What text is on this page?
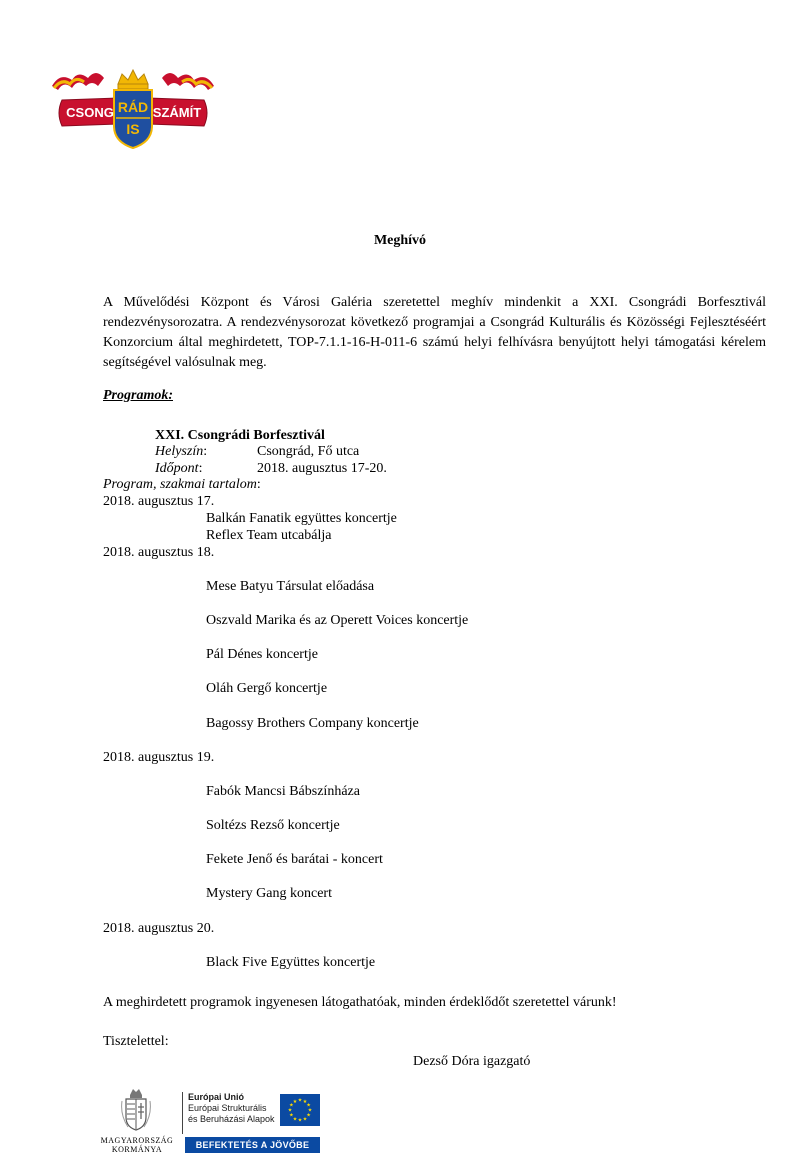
CSONG	SZÁMÍT
RÁD
IS
Meghívó
A Művelődési Központ és Városi Galéria szeretettel meghív mindenkit a XXI. Csongrádi Borfesztivál rendezvénysorozatra. A rendezvénysorozat következő programjai a Csongrád Kulturális és Közösségi Fejlesztéséért Konzorcium által meghirdetett, TOP-7.1.1-16-H-011-6 számú helyi felhívásra benyújtott helyi támogatási kérelem segítségével valósulnak meg.
Programok:
XXI. Csongrádi Borfesztivál
Helyszín:	Csongrád, Fő utca
Időpont:	2018. augusztus 17-20.
Program, szakmai tartalom:
2018. augusztus 17.
Balkán Fanatik együttes koncertje
Reflex Team utcabálja
2018. augusztus 18.
Mese Batyu Társulat előadása
Oszvald Marika és az Operett Voices koncertje
Pál Dénes koncertje
Oláh Gergő koncertje
Bagossy Brothers Company koncertje
2018. augusztus 19.
Fabók Mancsi Bábszínháza
Soltézs Rezső koncertje
Fekete Jenő és barátai - koncert
Mystery Gang koncert
2018. augusztus 20.
Black Five Együttes koncertje
A meghirdetett programok ingyenesen látogathatóak, minden érdeklődőt szeretettel várunk!
Tisztelettel:
Dezső Dóra igazgató
MAGYARORSZÁG
KORMÁNYA
Európai Unió
Európai Strukturális
és Beruházási Alapok
★ ★
★
★
★
★
★
★
★
★
★
★
BEFEKTETÉS A JÖVŐBE
